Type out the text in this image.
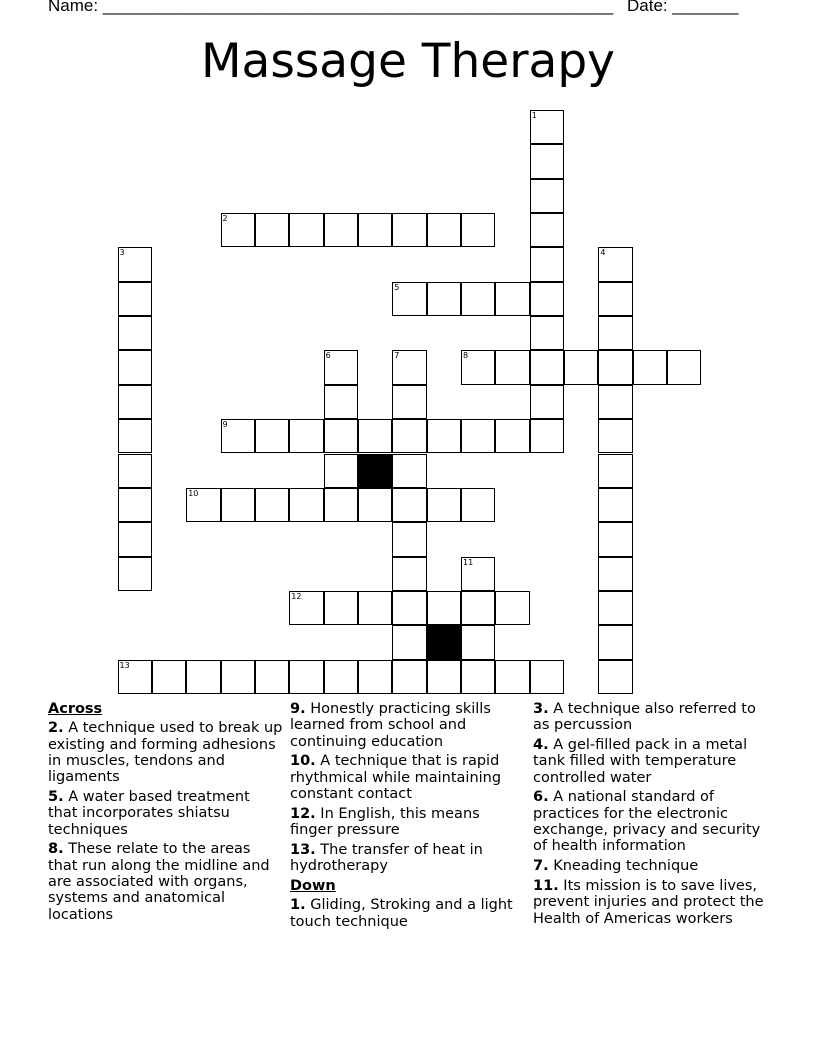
Name: ______________________________________________________ Date: _______
Massage Therapy
1
2
3	4
5
6	7	8
9
10
11
12
13
Across

2. A technique used to break up existing and forming adhesions in muscles, tendons and ligaments

5. A water based treatment that incorporates shiatsu techniques

8. These relate to the areas that run along the midline and are associated with organs, systems and anatomical locations

9. Honestly practicing skills learned from school and continuing education

10. A technique that is rapid rhythmical while maintaining constant contact

12. In English, this means finger pressure

13. The transfer of heat in hydrotherapy

Down

1. Gliding, Stroking and a light touch technique

3. A technique also referred to as percussion

4. A gel-filled pack in a metal tank filled with temperature controlled water

6. A national standard of practices for the electronic exchange, privacy and security of health information

7. Kneading technique

11. Its mission is to save lives, prevent injuries and protect the Health of Americas workers
